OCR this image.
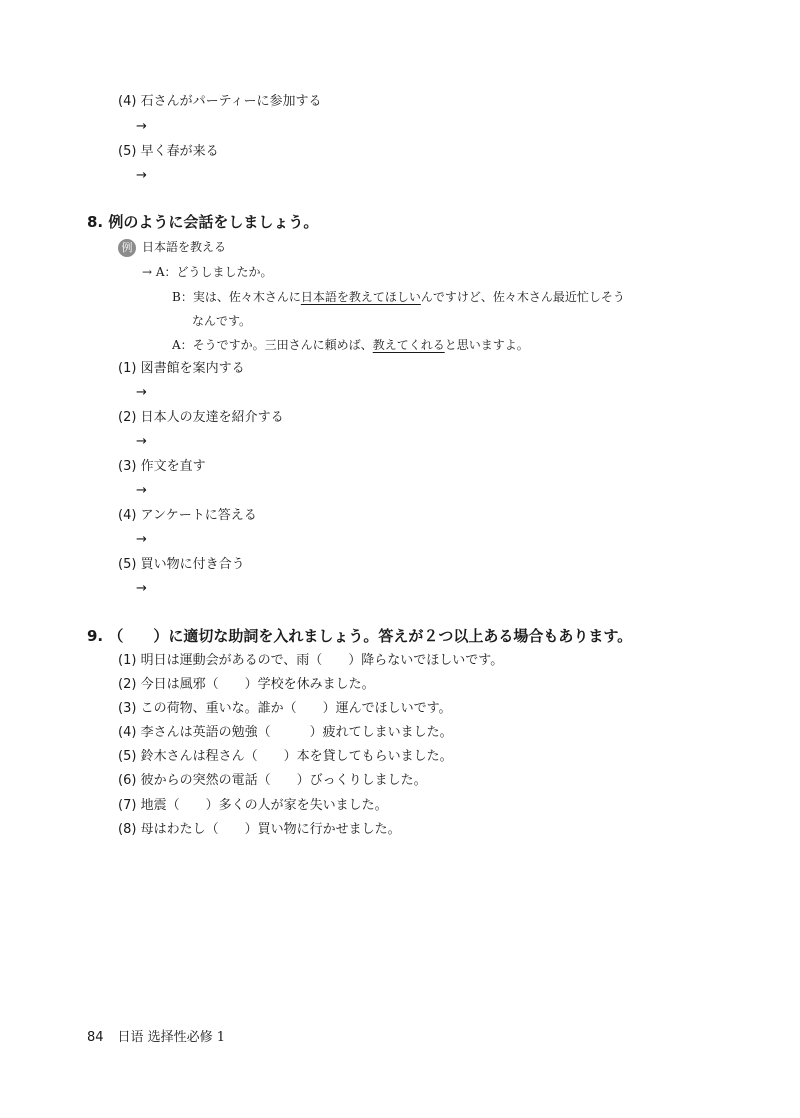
(4) 石さんがパーティーに参加する
→
(5) 早く春が来る
→
8. 例のように会話をしましょう。
例 日本語を教える
→ A：どうしましたか。
B：実は、佐々木さんに日本語を教えてほしいんですけど、佐々木さん最近忙しそう
なんです。
A：そうですか。三田さんに頼めば、教えてくれると思いますよ。
(1) 図書館を案内する
→
(2) 日本人の友達を紹介する
→
(3) 作文を直す
→
(4) アンケートに答える
→
(5) 買い物に付き合う
→
9. （　　）に適切な助詞を入れましょう。答えが２つ以上ある場合もあります。
(1) 明日は運動会があるので、雨（　　）降らないでほしいです。
(2) 今日は風邪（　　）学校を休みました。
(3) この荷物、重いな。誰か（　　）運んでほしいです。
(4) 李さんは英語の勉強（　　　）疲れてしまいました。
(5) 鈴木さんは程さん（　　）本を貸してもらいました。
(6) 彼からの突然の電話（　　）びっくりしました。
(7) 地震（　　）多くの人が家を失いました。
(8) 母はわたし（　　）買い物に行かせました。
84 日语 选择性必修 1
